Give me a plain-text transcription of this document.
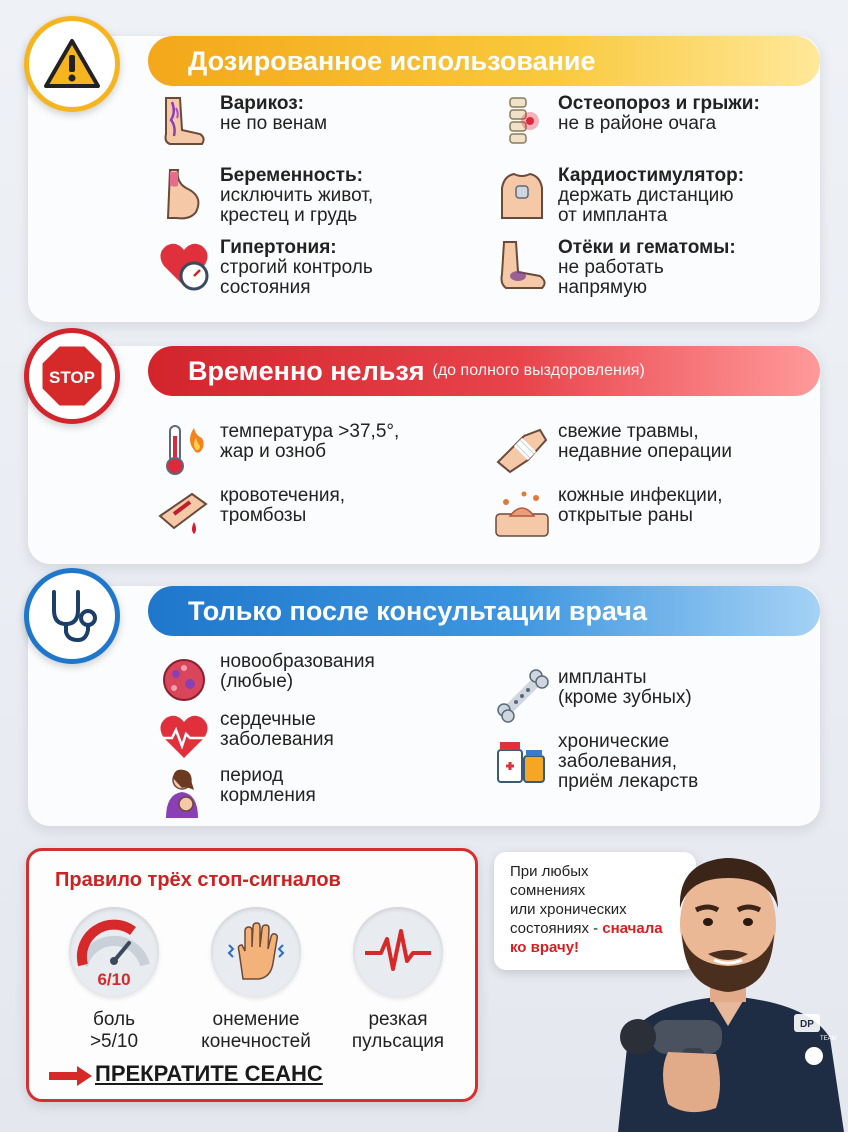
Дозированное использование
Варикоз:
не по венам
Беременность:
исключить живот,
крестец и грудь
Гипертония:
строгий контроль
состояния
Остеопороз и грыжи:
не в районе очага
Кардиостимулятор:
держать дистанцию
от импланта
Отёки и гематомы:
не работать
напрямую
Временно нельзя (до полного выздоровления)
STOP
температура >37,5°,
жар и озноб
кровотечения,
тромбозы
свежие травмы,
недавние операции
кожные инфекции,
открытые раны
Только после консультации врача
новообразования
(любые)
сердечные
заболевания
период
кормления
импланты
(кроме зубных)
хронические
заболевания,
приём лекарств
Правило трёх стоп-сигналов
6/10
боль
>5/10
онемение
конечностей
резкая
пульсация
ПРЕКРАТИТЕ СЕАНС
При любых
сомнениях
или хронических
состояниях - сначала
ко врачу!
DP
TEAM
